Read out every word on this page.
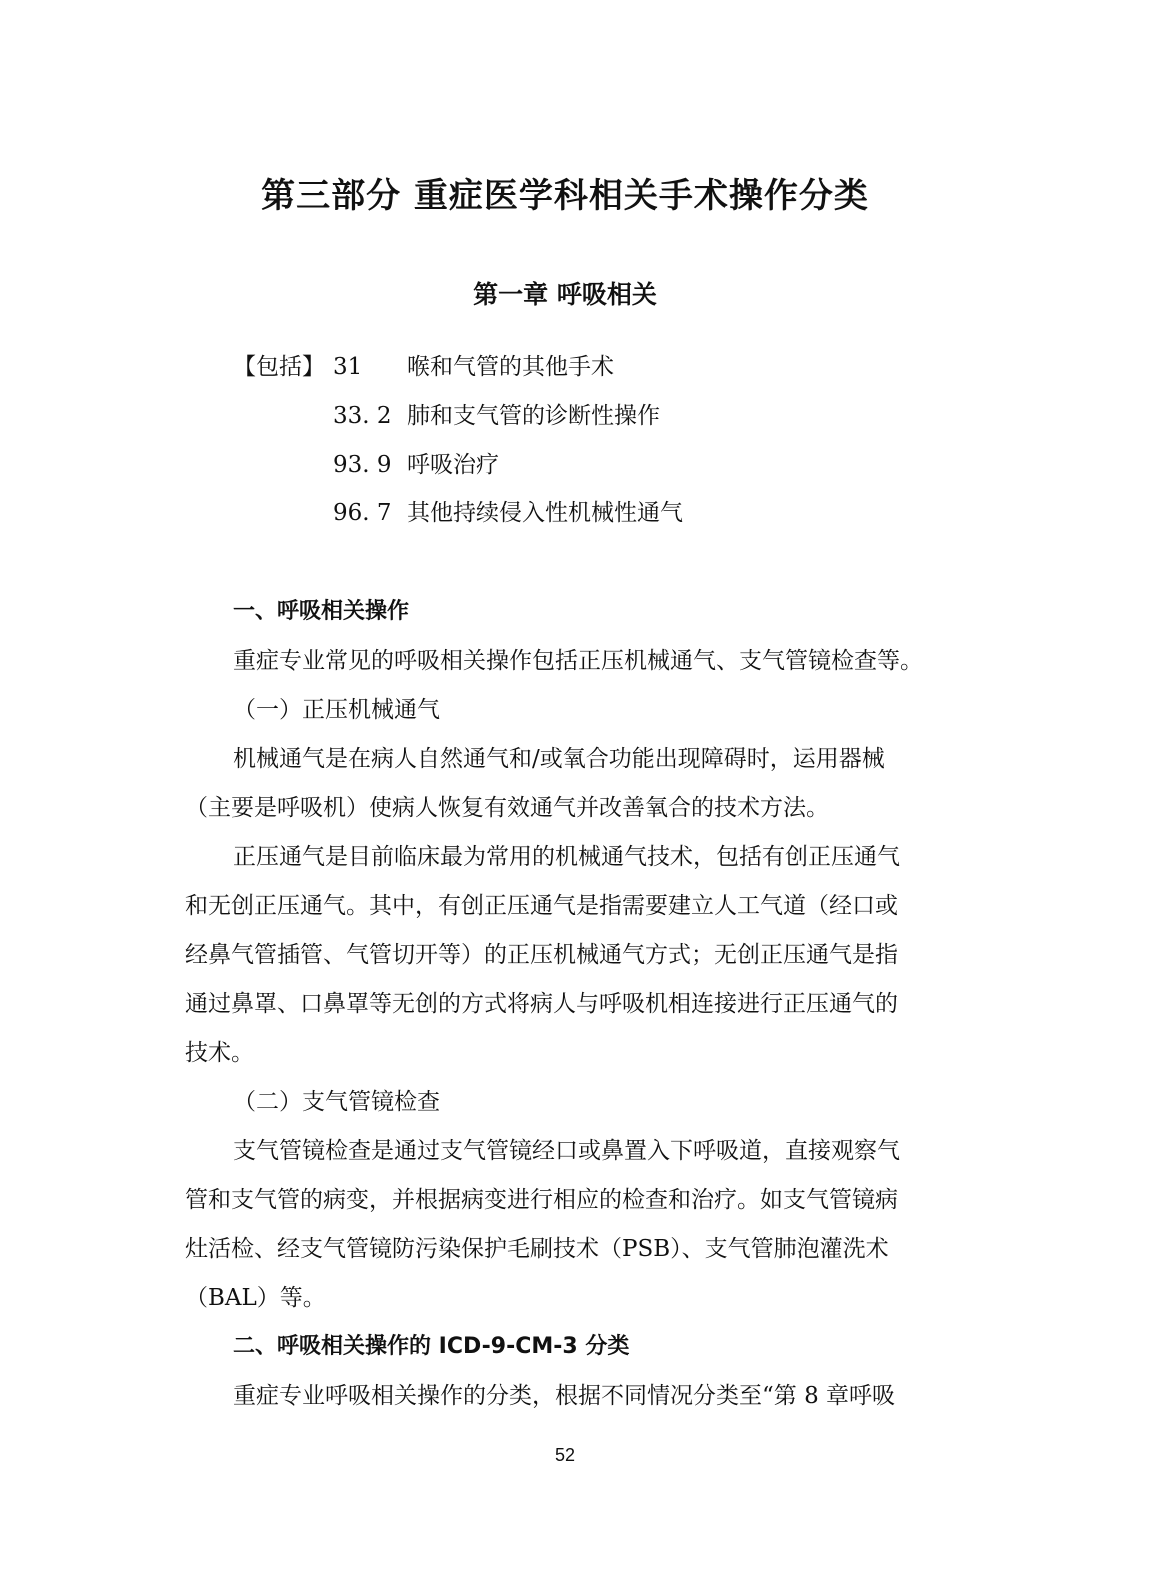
第三部分 重症医学科相关手术操作分类
第一章 呼吸相关
【包括】 31 喉和气管的其他手术
33. 2 肺和支气管的诊断性操作
93. 9 呼吸治疗
96. 7 其他持续侵入性机械性通气
一、呼吸相关操作
重症专业常见的呼吸相关操作包括正压机械通气、支气管镜检查等。
（一）正压机械通气
机械通气是在病人自然通气和/或氧合功能出现障碍时，运用器械
（主要是呼吸机）使病人恢复有效通气并改善氧合的技术方法。
正压通气是目前临床最为常用的机械通气技术，包括有创正压通气
和无创正压通气。其中，有创正压通气是指需要建立人工气道（经口或
经鼻气管插管、气管切开等）的正压机械通气方式；无创正压通气是指
通过鼻罩、口鼻罩等无创的方式将病人与呼吸机相连接进行正压通气的
技术。
（二）支气管镜检查
支气管镜检查是通过支气管镜经口或鼻置入下呼吸道，直接观察气
管和支气管的病变，并根据病变进行相应的检查和治疗。如支气管镜病
灶活检、经支气管镜防污染保护毛刷技术（PSB）、支气管肺泡灌洗术
（BAL）等。
二、呼吸相关操作的 ICD-9-CM-3 分类
重症专业呼吸相关操作的分类，根据不同情况分类至“第 8 章呼吸
52
